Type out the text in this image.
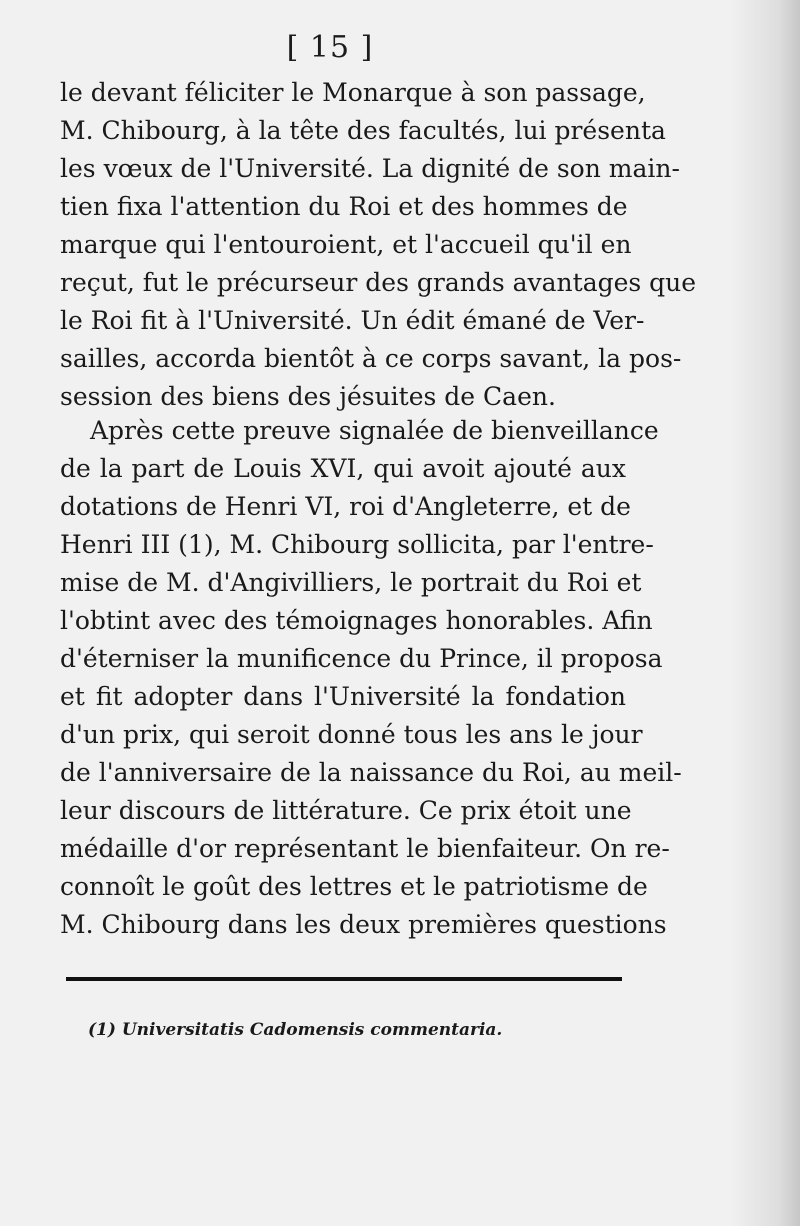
[ 15 ]
le devant féliciter le Monarque à son passage,
M. Chibourg, à la tête des facultés, lui présenta
les vœux de l'Université. La dignité de son main-
tien fixa l'attention du Roi et des hommes de
marque qui l'entouroient, et l'accueil qu'il en
reçut, fut le précurseur des grands avantages que
le Roi fit à l'Université. Un édit émané de Ver-
sailles, accorda bientôt à ce corps savant, la pos-
session des biens des jésuites de Caen.
Après cette preuve signalée de bienveillance
de la part de Louis XVI, qui avoit ajouté aux
dotations de Henri VI, roi d'Angleterre, et de
Henri III (1), M. Chibourg sollicita, par l'entre-
mise de M. d'Angivilliers, le portrait du Roi et
l'obtint avec des témoignages honorables. Afin
d'éterniser la munificence du Prince, il proposa
et fit adopter dans l'Université la fondation
d'un prix, qui seroit donné tous les ans le jour
de l'anniversaire de la naissance du Roi, au meil-
leur discours de littérature. Ce prix étoit une
médaille d'or représentant le bienfaiteur. On re-
connoît le goût des lettres et le patriotisme de
M. Chibourg dans les deux premières questions
(1) Universitatis Cadomensis commentaria.
